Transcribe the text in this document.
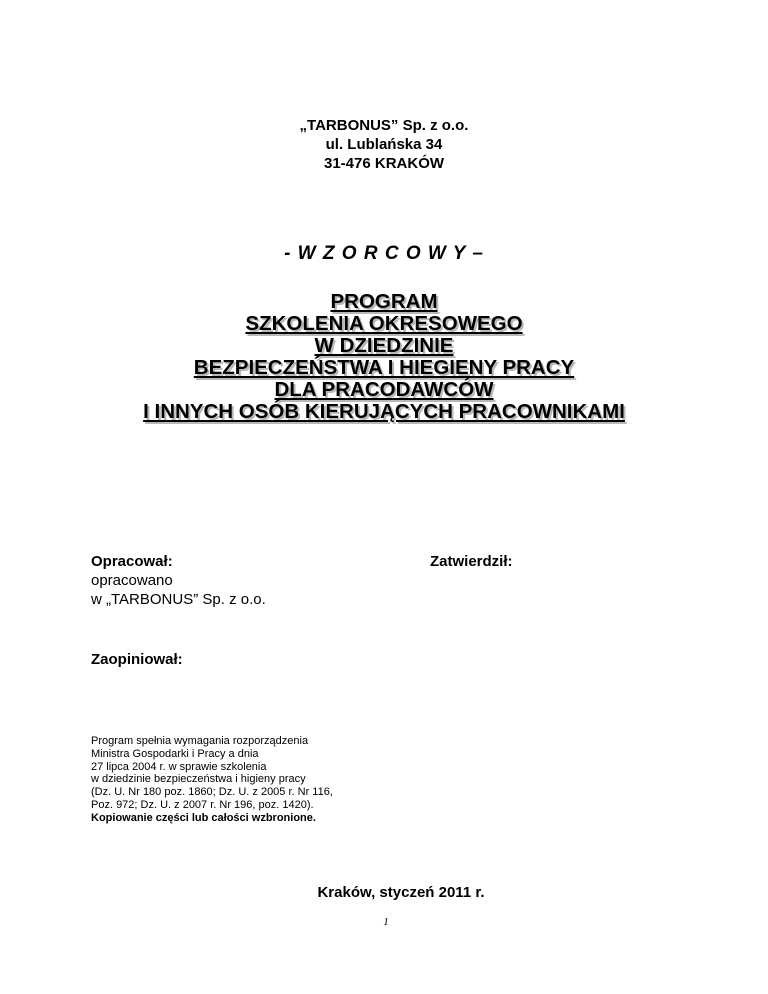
„TARBONUS” Sp. z o.o.
ul. Lublańska 34
31-476 KRAKÓW
- W Z O R C O W Y –
PROGRAM
SZKOLENIA OKRESOWEGO
W DZIEDZINIE
BEZPIECZEŃSTWA I HIEGIENY PRACY
DLA PRACODAWCÓW
I INNYCH OSÓB KIERUJĄCYCH PRACOWNIKAMI
Opracował:
opracowano
w „TARBONUS” Sp. z o.o.
Zatwierdził:
Zaopiniował:
Program spełnia wymagania rozporządzenia
Ministra Gospodarki i Pracy a dnia
27 lipca 2004 r. w sprawie szkolenia
w dziedzinie bezpieczeństwa i higieny pracy
(Dz. U. Nr 180 poz. 1860; Dz. U. z 2005 r. Nr 116,
Poz. 972; Dz. U. z 2007 r. Nr 196, poz. 1420).
Kopiowanie części lub całości wzbronione.
Kraków, styczeń 2011 r.
1
